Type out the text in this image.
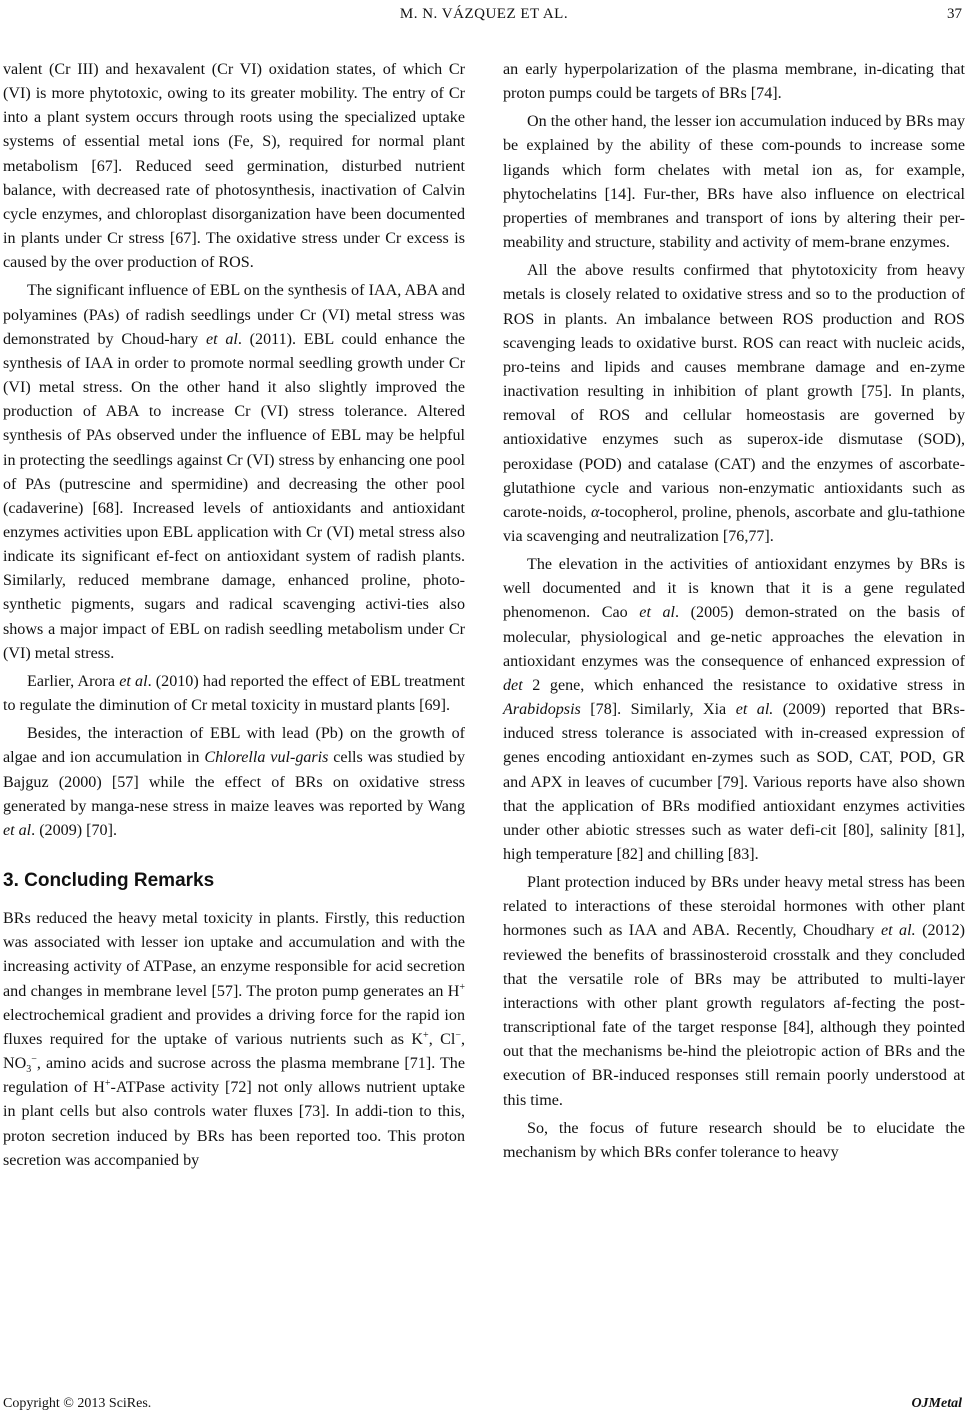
M. N. VÁZQUEZ ET AL.	37

valent (Cr III) and hexavalent (Cr VI) oxidation states, of which Cr (VI) is more phytotoxic, owing to its greater mobility. The entry of Cr into a plant system occurs through roots using the specialized uptake systems of essential metal ions (Fe, S), required for normal plant metabolism [67]. Reduced seed germination, disturbed nutrient balance, with decreased rate of photosynthesis, inactivation of Calvin cycle enzymes, and chloroplast disorganization have been documented in plants under Cr stress [67]. The oxidative stress under Cr excess is caused by the over production of ROS.

The significant influence of EBL on the synthesis of IAA, ABA and polyamines (PAs) of radish seedlings under Cr (VI) metal stress was demonstrated by Choud-hary et al. (2011). EBL could enhance the synthesis of IAA in order to promote normal seedling growth under Cr (VI) metal stress. On the other hand it also slightly improved the production of ABA to increase Cr (VI) stress tolerance. Altered synthesis of PAs observed under the influence of EBL may be helpful in protecting the seedlings against Cr (VI) stress by enhancing one pool of PAs (putrescine and spermidine) and decreasing the other pool (cadaverine) [68]. Increased levels of antioxidants and antioxidant enzymes activities upon EBL application with Cr (VI) metal stress also indicate its significant ef-fect on antioxidant system of radish plants. Similarly, reduced membrane damage, enhanced proline, photo-synthetic pigments, sugars and radical scavenging activi-ties also shows a major impact of EBL on radish seedling metabolism under Cr (VI) metal stress.

Earlier, Arora et al. (2010) had reported the effect of EBL treatment to regulate the diminution of Cr metal toxicity in mustard plants [69].

Besides, the interaction of EBL with lead (Pb) on the growth of algae and ion accumulation in Chlorella vul-garis cells was studied by Bajguz (2000) [57] while the effect of BRs on oxidative stress generated by manga-nese stress in maize leaves was reported by Wang et al. (2009) [70].

3. Concluding Remarks

BRs reduced the heavy metal toxicity in plants. Firstly, this reduction was associated with lesser ion uptake and accumulation and with the increasing activity of ATPase, an enzyme responsible for acid secretion and changes in membrane level [57]. The proton pump generates an H+ electrochemical gradient and provides a driving force for the rapid ion fluxes required for the uptake of various nutrients such as K+, Cl−, $NO_3^-$, amino acids and sucrose across the plasma membrane [71]. The regulation of H+-ATPase activity [72] not only allows nutrient uptake in plant cells but also controls water fluxes [73]. In addi-tion to this, proton secretion induced by BRs has been reported too. This proton secretion was accompanied by

an early hyperpolarization of the plasma membrane, in-dicating that proton pumps could be targets of BRs [74].

On the other hand, the lesser ion accumulation induced by BRs may be explained by the ability of these com-pounds to increase some ligands which form chelates with metal ion as, for example, phytochelatins [14]. Fur-ther, BRs have also influence on electrical properties of membranes and transport of ions by altering their per-meability and structure, stability and activity of mem-brane enzymes.

All the above results confirmed that phytotoxicity from heavy metals is closely related to oxidative stress and so to the production of ROS in plants. An imbalance between ROS production and ROS scavenging leads to oxidative burst. ROS can react with nucleic acids, pro-teins and lipids and causes membrane damage and en-zyme inactivation resulting in inhibition of plant growth [75]. In plants, removal of ROS and cellular homeostasis are governed by antioxidative enzymes such as superox-ide dismutase (SOD), peroxidase (POD) and catalase (CAT) and the enzymes of ascorbate-glutathione cycle and various non-enzymatic antioxidants such as carote-noids, α-tocopherol, proline, phenols, ascorbate and glu-tathione via scavenging and neutralization [76,77].

The elevation in the activities of antioxidant enzymes by BRs is well documented and it is known that it is a gene regulated phenomenon. Cao et al. (2005) demon-strated on the basis of molecular, physiological and ge-netic approaches the elevation in antioxidant enzymes was the consequence of enhanced expression of det 2 gene, which enhanced the resistance to oxidative stress in Arabidopsis [78]. Similarly, Xia et al. (2009) reported that BRs-induced stress tolerance is associated with in-creased expression of genes encoding antioxidant en-zymes such as SOD, CAT, POD, GR and APX in leaves of cucumber [79]. Various reports have also shown that the application of BRs modified antioxidant enzymes activities under other abiotic stresses such as water defi-cit [80], salinity [81], high temperature [82] and chilling [83].

Plant protection induced by BRs under heavy metal stress has been related to interactions of these steroidal hormones with other plant hormones such as IAA and ABA. Recently, Choudhary et al. (2012) reviewed the benefits of brassinosteroid crosstalk and they concluded that the versatile role of BRs may be attributed to multi-layer interactions with other plant growth regulators af-fecting the post-transcriptional fate of the target response [84], although they pointed out that the mechanisms be-hind the pleiotropic action of BRs and the execution of BR-induced responses still remain poorly understood at this time.

So, the focus of future research should be to elucidate the mechanism by which BRs confer tolerance to heavy

Copyright © 2013 SciRes.	OJMetal
